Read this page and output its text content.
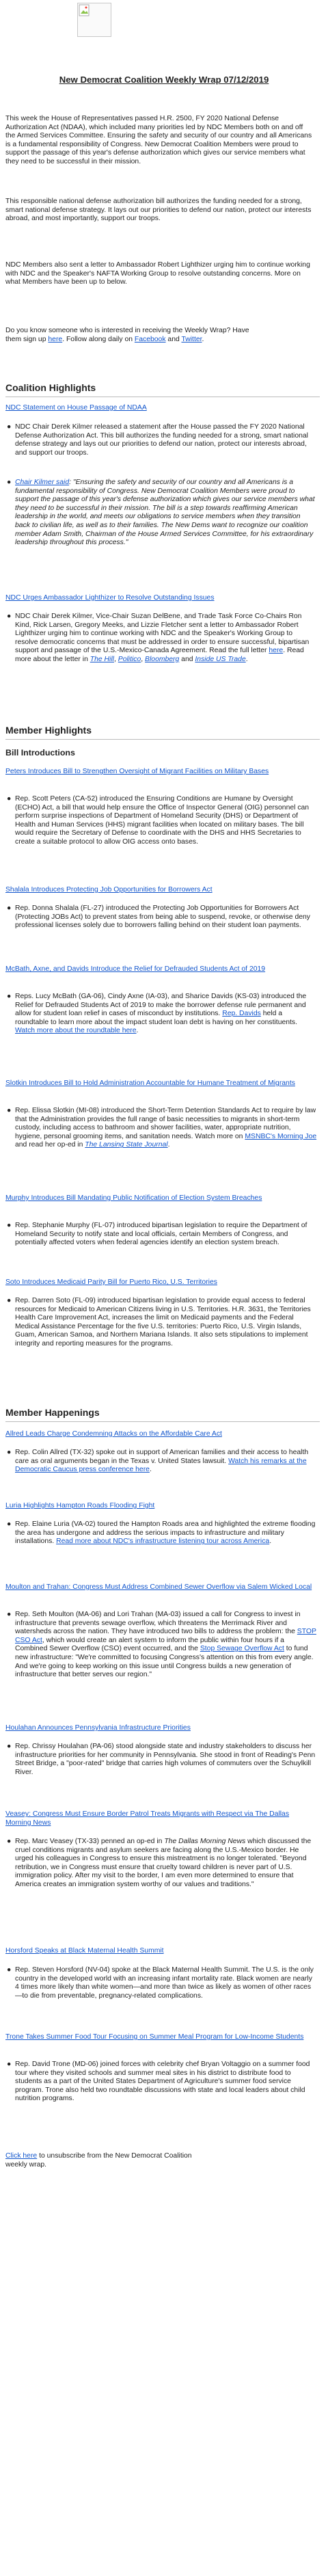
New Democrat Coalition Weekly Wrap 07/12/2019

This week the House of Representatives passed H.R. 2500, FY 2020 National Defense Authorization Act (NDAA), which included many priorities led by NDC Members both on and off the Armed Services Committee. Ensuring the safety and security of our country and all Americans is a fundamental responsibility of Congress. New Democrat Coalition Members were proud to support the passage of this year's defense authorization which gives our service members what they need to be successful in their mission.

This responsible national defense authorization bill authorizes the funding needed for a strong, smart national defense strategy. It lays out our priorities to defend our nation, protect our interests abroad, and most importantly, support our troops.

NDC Members also sent a letter to Ambassador Robert Lighthizer urging him to continue working with NDC and the Speaker's NAFTA Working Group to resolve outstanding concerns. More on what Members have been up to below.

Do you know someone who is interested in receiving the Weekly Wrap? Have them sign up here. Follow along daily on Facebook and Twitter.

Coalition Highlights
NDC Statement on House Passage of NDAA
● NDC Chair Derek Kilmer released a statement after the House passed the FY 2020 National Defense Authorization Act. This bill authorizes the funding needed for a strong, smart national defense strategy and lays out our priorities to defend our nation, protect our interests abroad, and support our troops.
● Chair Kilmer said: "Ensuring the safety and security of our country and all Americans is a fundamental responsibility of Congress. New Democrat Coalition Members were proud to support the passage of this year's defense authorization which gives our service members what they need to be successful in their mission. The bill is a step towards reaffirming American leadership in the world, and meets our obligations to service members when they transition back to civilian life, as well as to their families. The New Dems want to recognize our coalition member Adam Smith, Chairman of the House Armed Services Committee, for his extraordinary leadership throughout this process."
NDC Urges Ambassador Lighthizer to Resolve Outstanding Issues
● NDC Chair Derek Kilmer, Vice-Chair Suzan DelBene, and Trade Task Force Co-Chairs Ron Kind, Rick Larsen, Gregory Meeks, and Lizzie Fletcher sent a letter to Ambassador Robert Lighthizer urging him to continue working with NDC and the Speaker's Working Group to resolve democratic concerns that must be addressed in order to ensure successful, bipartisan support and passage of the U.S.-Mexico-Canada Agreement. Read the full letter here. Read more about the letter in The Hill, Politico, Bloomberg and Inside US Trade.
Member Highlights
Bill Introductions
Peters Introduces Bill to Strengthen Oversight of Migrant Facilities on Military Bases
● Rep. Scott Peters (CA-52) introduced the Ensuring Conditions are Humane by Oversight (ECHO) Act, a bill that would help ensure the Office of Inspector General (OIG) personnel can perform surprise inspections of Department of Homeland Security (DHS) or Department of Health and Human Services (HHS) migrant facilities when located on military bases. The bill would require the Secretary of Defense to coordinate with the DHS and HHS Secretaries to create a suitable protocol to allow OIG access onto bases.
Shalala Introduces Protecting Job Opportunities for Borrowers Act
● Rep. Donna Shalala (FL-27) introduced the Protecting Job Opportunities for Borrowers Act (Protecting JOBs Act) to prevent states from being able to suspend, revoke, or otherwise deny professional licenses solely due to borrowers falling behind on their student loan payments.
McBath, Axne, and Davids Introduce the Relief for Defrauded Students Act of 2019
● Reps. Lucy McBath (GA-06), Cindy Axne (IA-03), and Sharice Davids (KS-03) introduced the Relief for Defrauded Students Act of 2019 to make the borrower defense rule permanent and allow for student loan relief in cases of misconduct by institutions. Rep. Davids held a roundtable to learn more about the impact student loan debt is having on her constituents. Watch more about the roundtable here.
Slotkin Introduces Bill to Hold Administration Accountable for Humane Treatment of Migrants
● Rep. Elissa Slotkin (MI-08) introduced the Short-Term Detention Standards Act to require by law that the Administration provides the full range of basic necessities to migrants in short-term custody, including access to bathroom and shower facilities, water, appropriate nutrition, hygiene, personal grooming items, and sanitation needs. Watch more on MSNBC's Morning Joe and read her op-ed in The Lansing State Journal.
Murphy Introduces Bill Mandating Public Notification of Election System Breaches
● Rep. Stephanie Murphy (FL-07) introduced bipartisan legislation to require the Department of Homeland Security to notify state and local officials, certain Members of Congress, and potentially affected voters when federal agencies identify an election system breach.
Soto Introduces Medicaid Parity Bill for Puerto Rico, U.S. Territories
● Rep. Darren Soto (FL-09) introduced bipartisan legislation to provide equal access to federal resources for Medicaid to American Citizens living in U.S. Territories. H.R. 3631, the Territories Health Care Improvement Act, increases the limit on Medicaid payments and the Federal Medical Assistance Percentage for the five U.S. territories: Puerto Rico, U.S. Virgin Islands, Guam, American Samoa, and Northern Mariana Islands. It also sets stipulations to implement integrity and reporting measures for the programs.
Member Happenings
Allred Leads Charge Condemning Attacks on the Affordable Care Act
● Rep. Colin Allred (TX-32) spoke out in support of American families and their access to health care as oral arguments began in the Texas v. United States lawsuit. Watch his remarks at the Democratic Caucus press conference here.
Luria Highlights Hampton Roads Flooding Fight
● Rep. Elaine Luria (VA-02) toured the Hampton Roads area and highlighted the extreme flooding the area has undergone and address the serious impacts to infrastructure and military installations. Read more about NDC's infrastructure listening tour across America.
Moulton and Trahan: Congress Must Address Combined Sewer Overflow via Salem Wicked Local
● Rep. Seth Moulton (MA-06) and Lori Trahan (MA-03) issued a call for Congress to invest in infrastructure that prevents sewage overflow, which threatens the Merrimack River and watersheds across the nation. They have introduced two bills to address the problem: the STOP CSO Act, which would create an alert system to inform the public within four hours if a Combined Sewer Overflow (CSO) event occurred, and the Stop Sewage Overflow Act to fund new infrastructure: "We're committed to focusing Congress's attention on this from every angle. And we're going to keep working on this issue until Congress builds a new generation of infrastructure that better serves our region."
Houlahan Announces Pennsylvania Infrastructure Priorities
● Rep. Chrissy Houlahan (PA-06) stood alongside state and industry stakeholders to discuss her infrastructure priorities for her community in Pennsylvania. She stood in front of Reading's Penn Street Bridge, a "poor-rated" bridge that carries high volumes of commuters over the Schuylkill River.
Veasey: Congress Must Ensure Border Patrol Treats Migrants with Respect via The Dallas Morning News
● Rep. Marc Veasey (TX-33) penned an op-ed in The Dallas Morning News which discussed the cruel conditions migrants and asylum seekers are facing along the U.S.-Mexico border. He urged his colleagues in Congress to ensure this mistreatment is no longer tolerated. "Beyond retribution, we in Congress must ensure that cruelty toward children is never part of U.S. immigration policy. After my visit to the border, I am even more determined to ensure that America creates an immigration system worthy of our values and traditions."
Horsford Speaks at Black Maternal Health Summit
● Rep. Steven Horsford (NV-04) spoke at the Black Maternal Health Summit. The U.S. is the only country in the developed world with an increasing infant mortality rate. Black women are nearly 4 times more likely than white women—and more than twice as likely as women of other races—to die from preventable, pregnancy-related complications.
Trone Takes Summer Food Tour Focusing on Summer Meal Program for Low-Income Students
● Rep. David Trone (MD-06) joined forces with celebrity chef Bryan Voltaggio on a summer food tour where they visited schools and summer meal sites in his district to distribute food to students as a part of the United States Department of Agriculture's summer food service program. Trone also held two roundtable discussions with state and local leaders about child nutrition programs.

Click here to unsubscribe from the New Democrat Coalition weekly wrap.
